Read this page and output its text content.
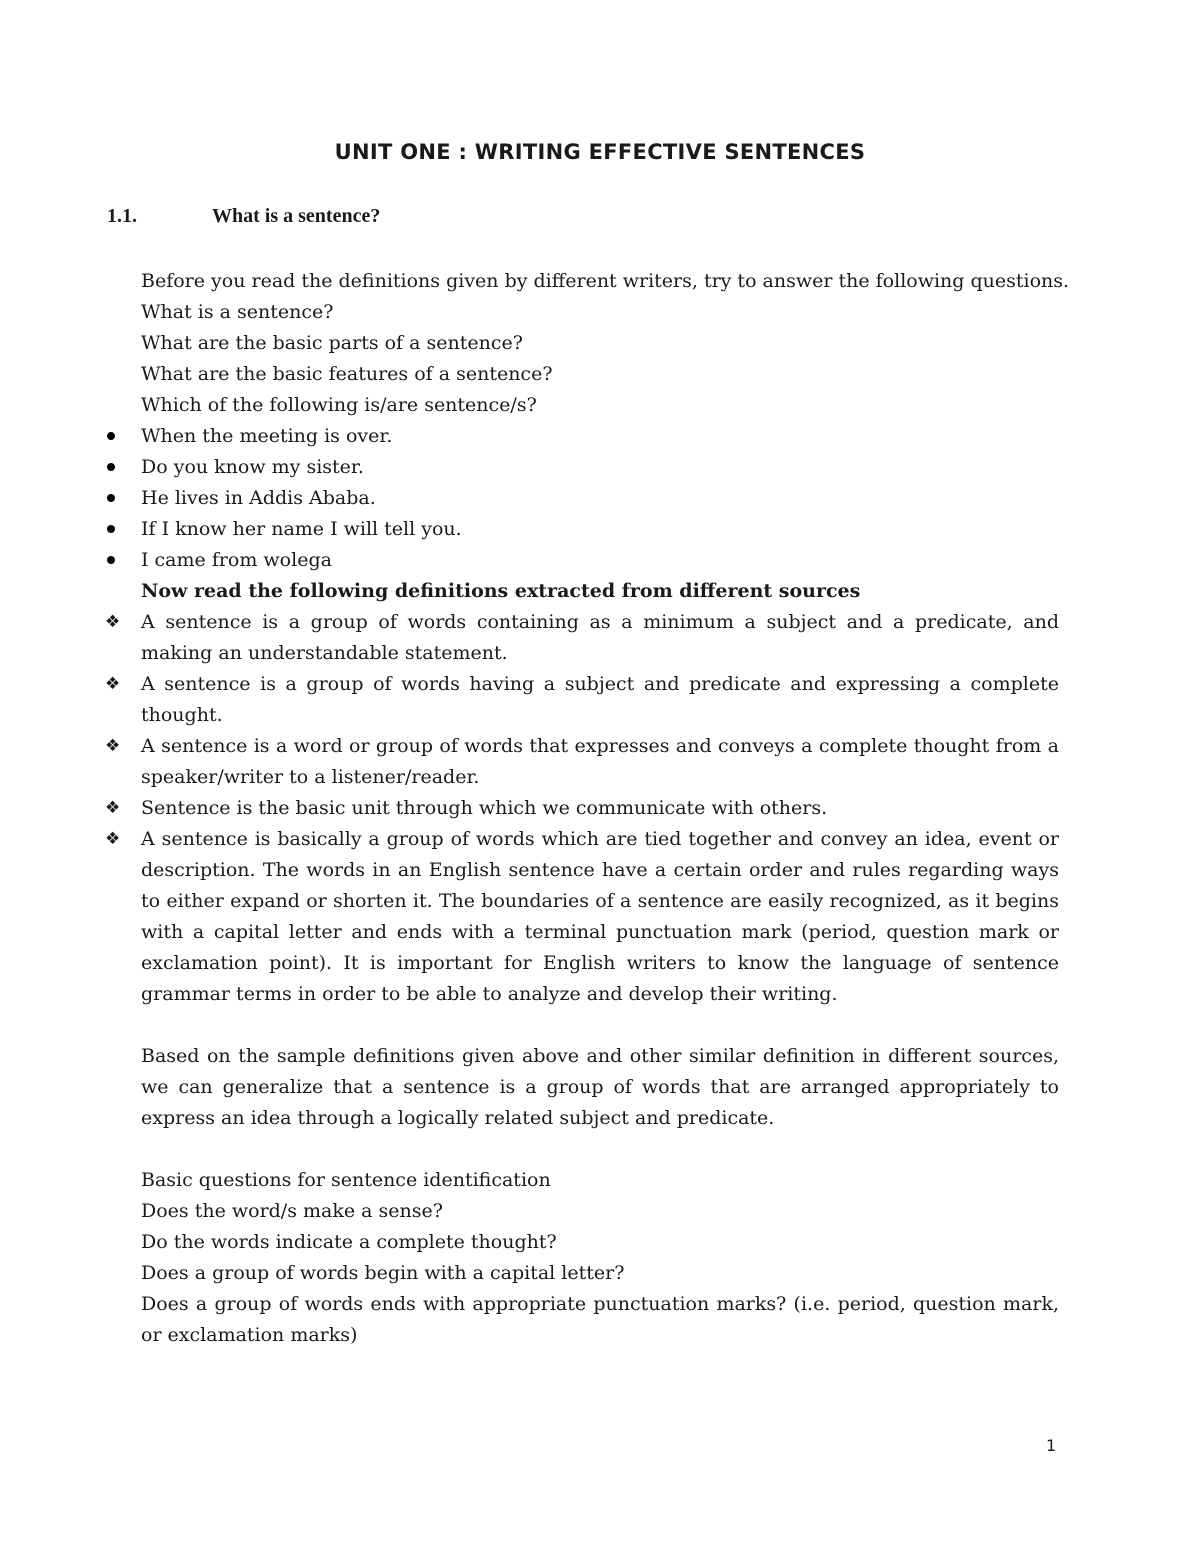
UNIT ONE : WRITING EFFECTIVE SENTENCES
1.1.	What is a sentence?
Before you read the definitions given by different writers, try to answer the following questions.
What is a sentence?
What are the basic parts of a sentence?
What are the basic features of a sentence?
Which of the following is/are sentence/s?
When the meeting is over.
Do you know my sister.
He lives in Addis Ababa.
If I know her name I will tell you.
I came from wolega
Now read the following definitions extracted from different sources
❖ A sentence is a group of words containing as a minimum a subject and a predicate, and making an understandable statement.
❖ A sentence is a group of words having a subject and predicate and expressing a complete thought.
❖ A sentence is a word or group of words that expresses and conveys a complete thought from a speaker/writer to a listener/reader.
❖ Sentence is the basic unit through which we communicate with others.
❖ A sentence is basically a group of words which are tied together and convey an idea, event or description. The words in an English sentence have a certain order and rules regarding ways to either expand or shorten it. The boundaries of a sentence are easily recognized, as it begins with a capital letter and ends with a terminal punctuation mark (period, question mark or exclamation point). It is important for English writers to know the language of sentence grammar terms in order to be able to analyze and develop their writing.
Based on the sample definitions given above and other similar definition in different sources, we can generalize that a sentence is a group of words that are arranged appropriately to express an idea through a logically related subject and predicate.
Basic questions for sentence identification
Does the word/s make a sense?
Do the words indicate a complete thought?
Does a group of words begin with a capital letter?
Does a group of words ends with appropriate punctuation marks? (i.e. period, question mark, or exclamation marks)
1
